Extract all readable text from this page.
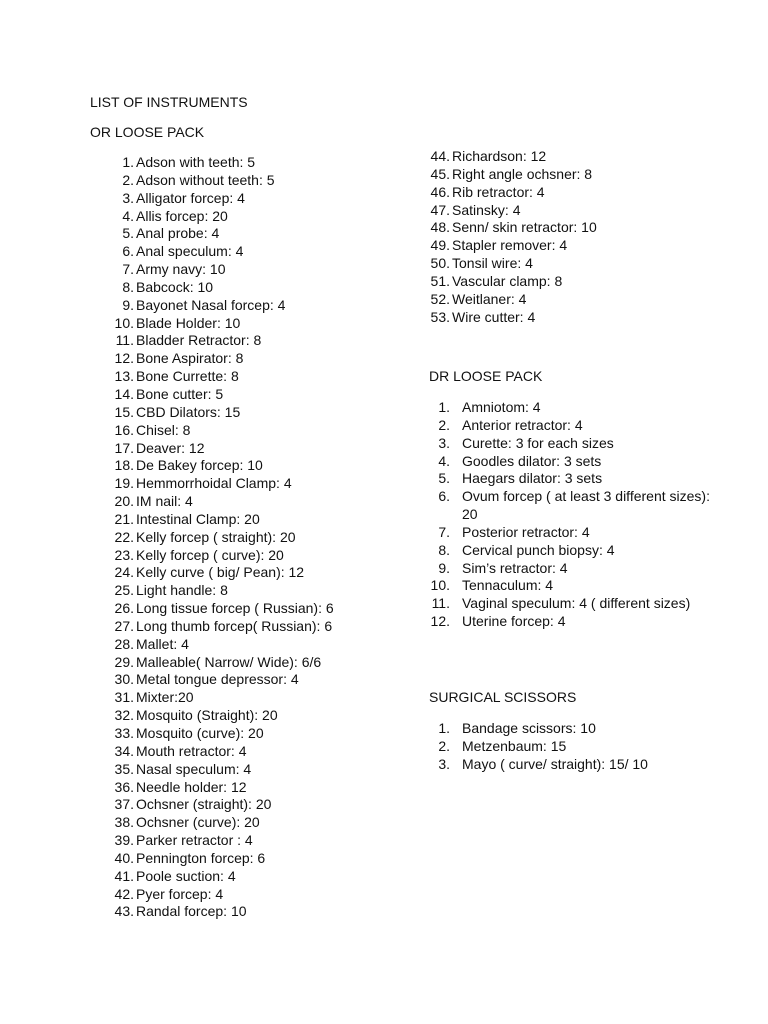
LIST OF INSTRUMENTS
OR LOOSE PACK
1. Adson with teeth: 5
2. Adson without teeth: 5
3. Alligator forcep: 4
4. Allis forcep: 20
5. Anal probe: 4
6. Anal speculum: 4
7. Army navy: 10
8. Babcock: 10
9. Bayonet Nasal forcep: 4
10. Blade Holder: 10
11. Bladder Retractor: 8
12. Bone Aspirator: 8
13. Bone Currette: 8
14. Bone cutter: 5
15. CBD Dilators: 15
16. Chisel: 8
17. Deaver: 12
18. De Bakey forcep: 10
19. Hemmorrhoidal Clamp: 4
20. IM nail: 4
21. Intestinal Clamp: 20
22. Kelly forcep ( straight): 20
23. Kelly forcep ( curve): 20
24. Kelly curve ( big/ Pean): 12
25. Light handle: 8
26. Long tissue forcep ( Russian): 6
27. Long thumb forcep( Russian): 6
28. Mallet: 4
29. Malleable( Narrow/ Wide): 6/6
30. Metal tongue depressor: 4
31. Mixter:20
32. Mosquito (Straight): 20
33. Mosquito (curve): 20
34. Mouth retractor: 4
35. Nasal speculum: 4
36. Needle holder: 12
37. Ochsner (straight): 20
38. Ochsner (curve): 20
39. Parker retractor : 4
40. Pennington forcep: 6
41. Poole suction: 4
42. Pyer forcep: 4
43. Randal forcep: 10
44. Richardson: 12
45. Right angle ochsner: 8
46. Rib retractor: 4
47. Satinsky: 4
48. Senn/ skin retractor: 10
49. Stapler remover: 4
50. Tonsil wire: 4
51. Vascular clamp: 8
52. Weitlaner: 4
53. Wire cutter: 4
DR LOOSE PACK
1. Amniotom: 4
2. Anterior retractor: 4
3. Curette: 3 for each sizes
4. Goodles dilator: 3 sets
5. Haegars dilator: 3 sets
6. Ovum forcep ( at least 3 different sizes): 20
7. Posterior retractor: 4
8. Cervical punch biopsy: 4
9. Sim’s retractor: 4
10. Tennaculum: 4
11. Vaginal speculum: 4 ( different sizes)
12. Uterine forcep: 4
SURGICAL SCISSORS
1. Bandage scissors: 10
2. Metzenbaum: 15
3. Mayo ( curve/ straight): 15/ 10
